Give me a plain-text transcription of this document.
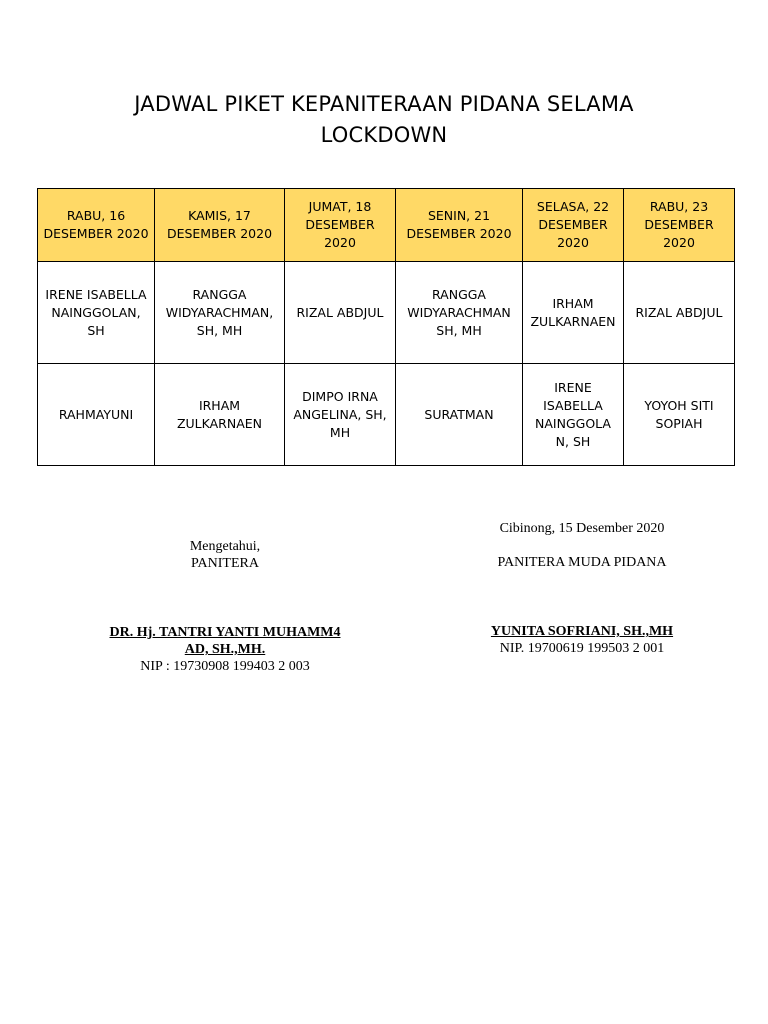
JADWAL PIKET KEPANITERAAN PIDANA SELAMA
LOCKDOWN
RABU, 16 DESEMBER 2020	KAMIS, 17 DESEMBER 2020	JUMAT, 18 DESEMBER 2020	SENIN, 21 DESEMBER 2020	SELASA, 22 DESEMBER 2020	RABU, 23 DESEMBER 2020
IRENE ISABELLA NAINGGOLAN, SH	RANGGA WIDYARACHMAN, SH, MH	RIZAL ABDJUL	RANGGA WIDYARACHMAN SH, MH	IRHAM ZULKARNAEN	RIZAL ABDJUL
RAHMAYUNI	IRHAM ZULKARNAEN	DIMPO IRNA ANGELINA, SH, MH	SURATMAN	IRENE ISABELLA NAINGGOLA N, SH	YOYOH SITI SOPIAH
Cibinong, 15 Desember 2020
PANITERA MUDA PIDANA
YUNITA SOFRIANI, SH.,MH
NIP. 19700619 199503 2 001
Mengetahui,
PANITERA
DR. Hj. TANTRI YANTI MUHAMM4
AD, SH.,MH.
NIP : 19730908 199403 2 003
